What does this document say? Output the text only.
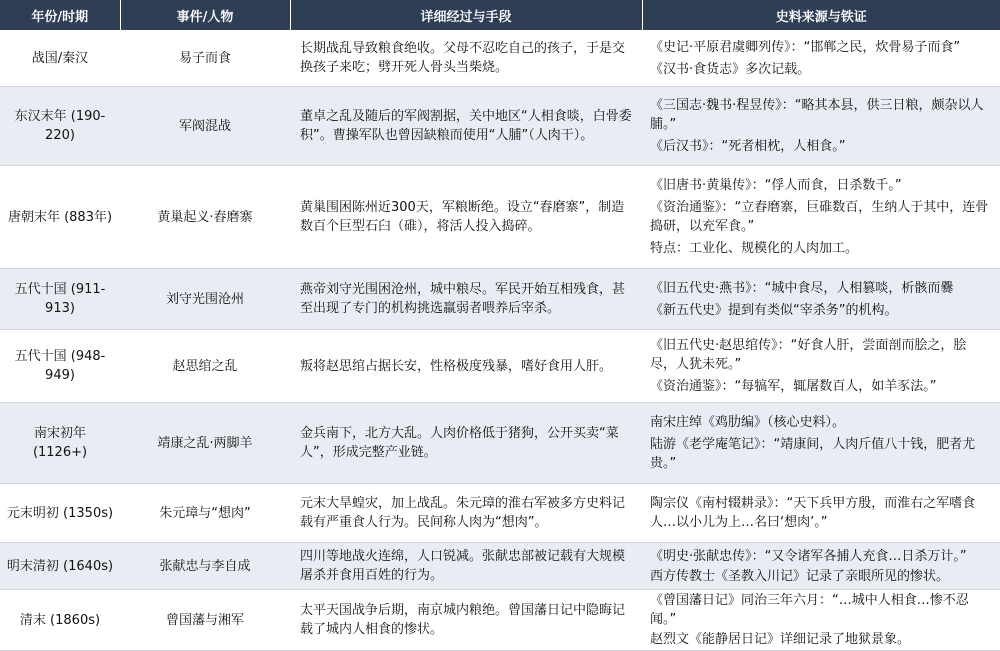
年份/时期	事件/人物	详细经过与手段	史料来源与铁证
战国/秦汉	易子而食	长期战乱导致粮食绝收。父母不忍吃自己的孩子，于是交换孩子来吃；劈开死人骨头当柴烧。	《史记·平原君虞卿列传》：“邯郸之民，炊骨易子而食”
《汉书·食货志》多次记载。

东汉末年 (190-220)	军阀混战	董卓之乱及随后的军阀割据，关中地区“人相食啖，白骨委积”。曹操军队也曾因缺粮而使用“人脯”（人肉干）。	《三国志·魏书·程昱传》：“略其本县，供三日粮，颇杂以人脯。”
《后汉书》：“死者相枕，人相食。”

唐朝末年 (883年)	黄巢起义·舂磨寨	黄巢围困陈州近300天，军粮断绝。设立“舂磨寨”，制造数百个巨型石臼（碓），将活人投入捣碎。	《旧唐书·黄巢传》：“俘人而食，日杀数千。”
《资治通鉴》：“立舂磨寨，巨碓数百，生纳人于其中，连骨捣研，以充军食。”
特点：工业化、规模化的人肉加工。

五代十国 (911-913)	刘守光围沧州	燕帝刘守光围困沧州，城中粮尽。军民开始互相残食，甚至出现了专门的机构挑选羸弱者喂养后宰杀。	《旧五代史·燕书》：“城中食尽，人相篡啖，析骸而爨
《新五代史》提到有类似“宰杀务”的机构。

五代十国 (948-949)	赵思绾之乱	叛将赵思绾占据长安，性格极度残暴，嗜好食用人肝。	《旧五代史·赵思绾传》：“好食人肝，尝面剖而脍之，脍尽，人犹未死。”
《资治通鉴》：“每犒军，辄屠数百人，如羊豕法。”

南宋初年 (1126+)	靖康之乱·两脚羊	金兵南下，北方大乱。人肉价格低于猪狗，公开买卖“菜人”，形成完整产业链。	南宋庄绰《鸡肋编》（核心史料）。
陆游《老学庵笔记》：“靖康间，人肉斤值八十钱，肥者尤贵。”

元末明初 (1350s)	朱元璋与“想肉”	元末大旱蝗灾，加上战乱。朱元璋的淮右军被多方史料记载有严重食人行为。民间称人肉为“想肉”。	陶宗仪《南村辍耕录》：“天下兵甲方殷，而淮右之军嗜食人…以小儿为上…名曰‘想肉’。”

明末清初 (1640s)	张献忠与李自成	四川等地战火连绵，人口锐减。张献忠部被记载有大规模屠杀并食用百姓的行为。	《明史·张献忠传》：“又令诸军各捕人充食…日杀万计。”
西方传教士《圣教入川记》记录了亲眼所见的惨状。

清末 (1860s)	曾国藩与湘军	太平天国战争后期，南京城内粮绝。曾国藩日记中隐晦记载了城内人相食的惨状。	《曾国藩日记》同治三年六月：“…城中人相食…惨不忍闻。”
赵烈文《能静居日记》详细记录了地狱景象。
